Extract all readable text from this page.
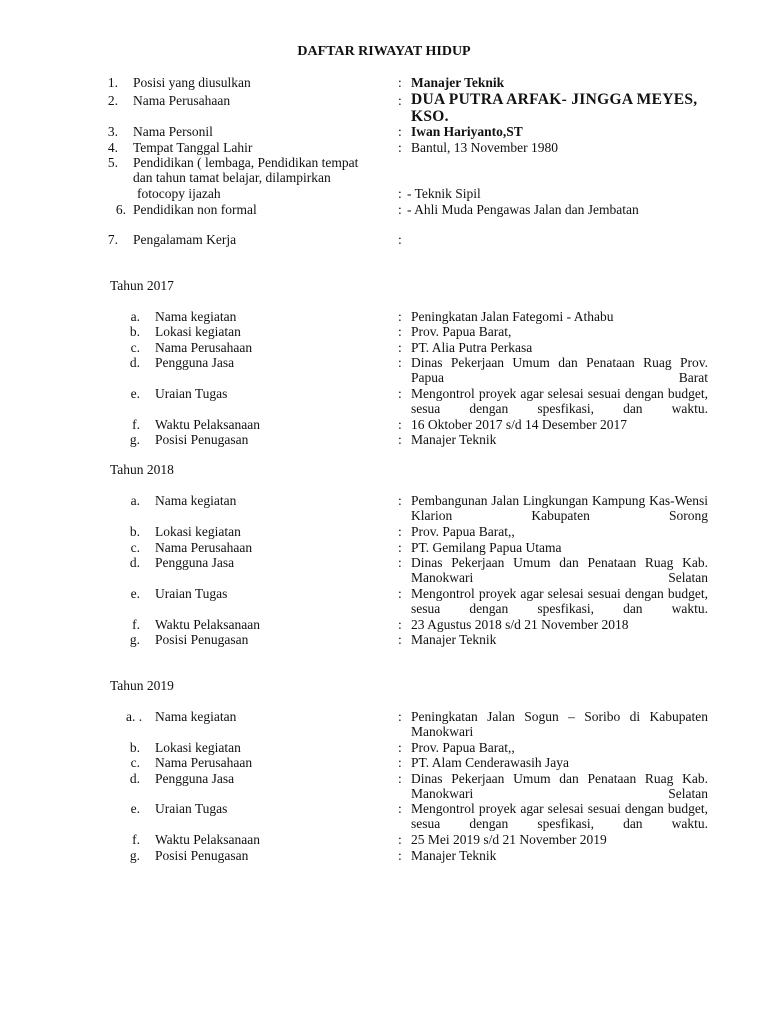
DAFTAR RIWAYAT HIDUP
1. Posisi yang diusulkan	: Manajer Teknik
2. Nama Perusahaan	: DUA PUTRA ARFAK- JINGGA MEYES,
KSO.
3. Nama Personil	: Iwan Hariyanto,ST
4. Tempat Tanggal Lahir	: Bantul, 13 November 1980
5. Pendidikan ( lembaga, Pendidikan tempat
dan tahun tamat belajar, dilampirkan
fotocopy ijazah	: - Teknik Sipil
6. Pendidikan non formal	: - Ahli Muda Pengawas Jalan dan Jembatan
7. Pengalamam Kerja	:
Tahun 2017
a. Nama kegiatan	: Peningkatan Jalan Fategomi - Athabu
b. Lokasi kegiatan	: Prov. Papua Barat,
c. Nama Perusahaan	: PT. Alia Putra Perkasa
d. Pengguna Jasa	: Dinas Pekerjaan Umum dan Penataan Ruag Prov. Papua Barat
e. Uraian Tugas	: Mengontrol proyek agar selesai sesuai dengan budget, sesua dengan spesfikasi, dan waktu.
f. Waktu Pelaksanaan	: 16 Oktober 2017 s/d 14 Desember 2017
g. Posisi Penugasan	: Manajer Teknik
Tahun 2018
a. Nama kegiatan	: Pembangunan Jalan Lingkungan Kampung Kas-Wensi Klarion Kabupaten Sorong
b. Lokasi kegiatan	: Prov. Papua Barat,,
c. Nama Perusahaan	: PT. Gemilang Papua Utama
d. Pengguna Jasa	: Dinas Pekerjaan Umum dan Penataan Ruag Kab. Manokwari Selatan
e. Uraian Tugas	: Mengontrol proyek agar selesai sesuai dengan budget, sesua dengan spesfikasi, dan waktu.
f. Waktu Pelaksanaan	: 23 Agustus 2018 s/d 21 November 2018
g. Posisi Penugasan	: Manajer Teknik
Tahun 2019
a. . Nama kegiatan	: Peningkatan Jalan Sogun – Soribo di Kabupaten Manokwari
b. Lokasi kegiatan	: Prov. Papua Barat,,
c. Nama Perusahaan	: PT. Alam Cenderawasih Jaya
d. Pengguna Jasa	: Dinas Pekerjaan Umum dan Penataan Ruag Kab. Manokwari Selatan
e. Uraian Tugas	: Mengontrol proyek agar selesai sesuai dengan budget, sesua dengan spesfikasi, dan waktu.
f. Waktu Pelaksanaan	: 25 Mei 2019 s/d 21 November 2019
g. Posisi Penugasan	: Manajer Teknik
